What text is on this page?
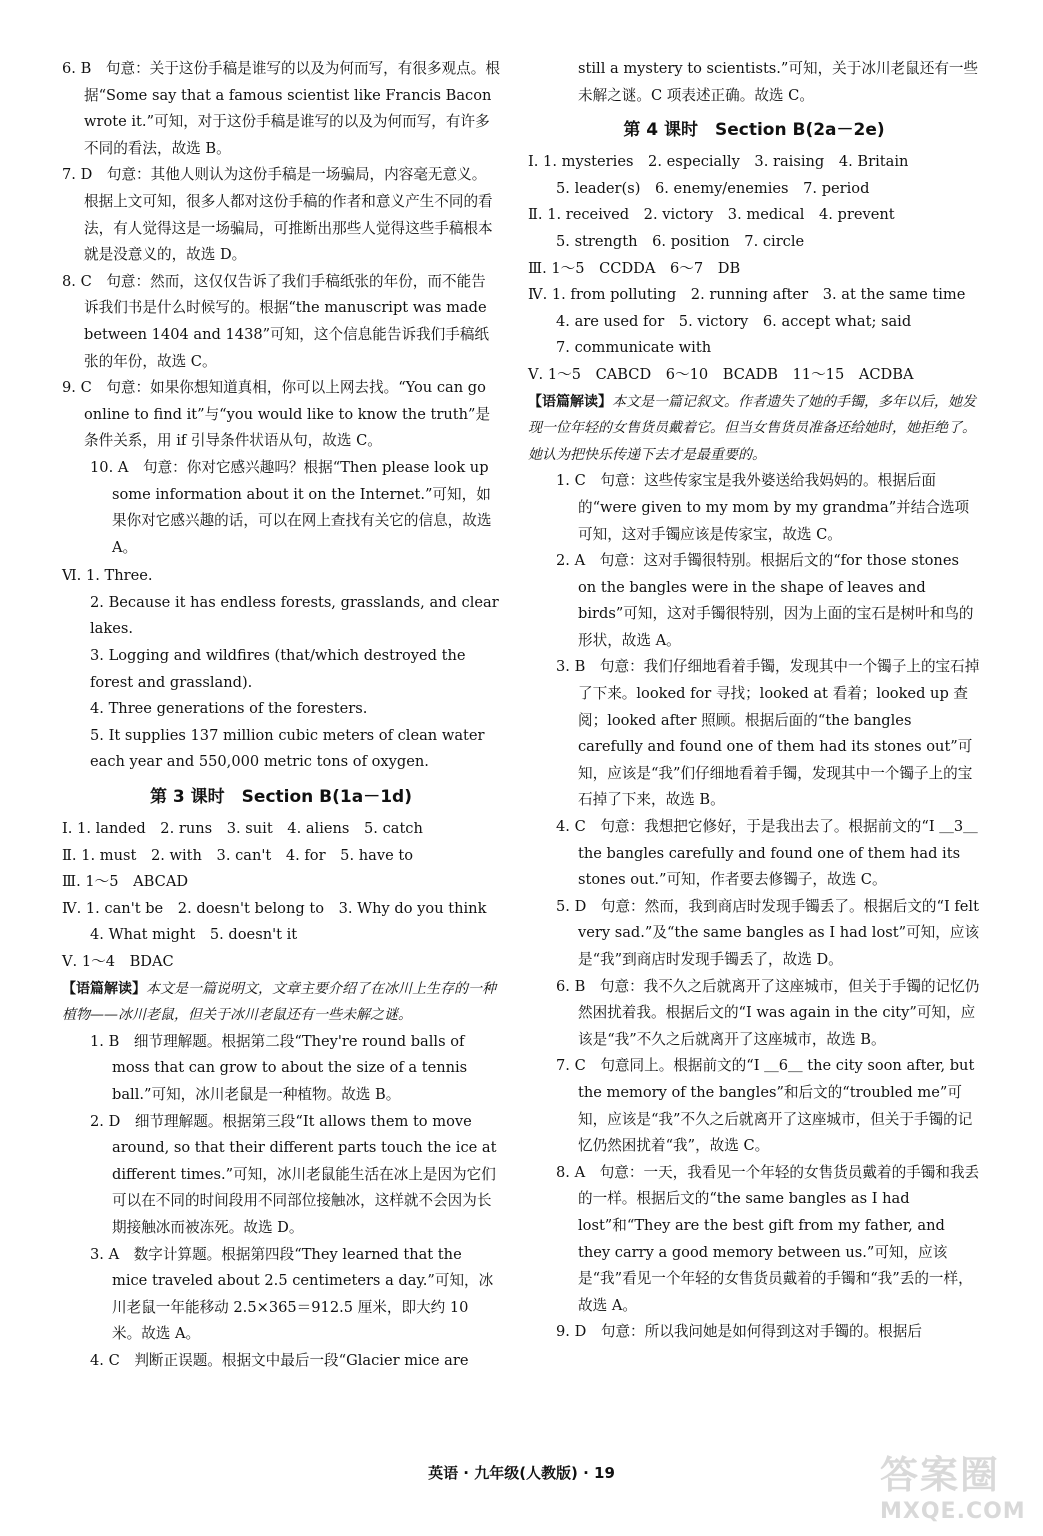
6. B　句意：关于这份手稿是谁写的以及为何而写，有很多观点。根据“Some say that a famous scientist like Francis Bacon wrote it.”可知，对于这份手稿是谁写的以及为何而写，有许多不同的看法，故选 B。

7. D　句意：其他人则认为这份手稿是一场骗局，内容毫无意义。根据上文可知，很多人都对这份手稿的作者和意义产生不同的看法，有人觉得这是一场骗局，可推断出那些人觉得这些手稿根本就是没意义的，故选 D。

8. C　句意：然而，这仅仅告诉了我们手稿纸张的年份，而不能告诉我们书是什么时候写的。根据“the manuscript was made between 1404 and 1438”可知，这个信息能告诉我们手稿纸张的年份，故选 C。

9. C　句意：如果你想知道真相，你可以上网去找。“You can go online to find it”与“you would like to know the truth”是条件关系，用 if 引导条件状语从句，故选 C。

10. A　句意：你对它感兴趣吗？根据“Then please look up some information about it on the Internet.”可知，如果你对它感兴趣的话，可以在网上查找有关它的信息，故选 A。

Ⅵ. 1. Three.
2. Because it has endless forests, grasslands, and clear lakes.
3. Logging and wildfires (that/which destroyed the forest and grassland).
4. Three generations of the foresters.
5. It supplies 137 million cubic meters of clean water each year and 550,000 metric tons of oxygen.
第 3 课时　Section B(1a－1d)
Ⅰ. 1. landed　2. runs　3. suit　4. aliens　5. catch
Ⅱ. 1. must　2. with　3. can't　4. for　5. have to
Ⅲ. 1～5　ABCAD
Ⅳ. 1. can't be　2. doesn't belong to　3. Why do you think
4. What might　5. doesn't it
Ⅴ. 1～4　BDAC

【语篇解读】本文是一篇说明文，文章主要介绍了在冰川上生存的一种植物——冰川老鼠，但关于冰川老鼠还有一些未解之谜。

1. B　细节理解题。根据第二段“They're round balls of moss that can grow to about the size of a tennis ball.”可知，冰川老鼠是一种植物。故选 B。

2. D　细节理解题。根据第三段“It allows them to move around, so that their different parts touch the ice at different times.”可知，冰川老鼠能生活在冰上是因为它们可以在不同的时间段用不同部位接触冰，这样就不会因为长期接触冰而被冻死。故选 D。

3. A　数字计算题。根据第四段“They learned that the mice traveled about 2.5 centimeters a day.”可知，冰川老鼠一年能移动 2.5×365＝912.5 厘米，即大约 10 米。故选 A。

4. C　判断正误题。根据文中最后一段“Glacier mice are

still a mystery to scientists.”可知，关于冰川老鼠还有一些未解之谜。C 项表述正确。故选 C。

第 4 课时　Section B(2a－2e)
Ⅰ. 1. mysteries　2. especially　3. raising　4. Britain
5. leader(s)　6. enemy/enemies　7. period
Ⅱ. 1. received　2. victory　3. medical　4. prevent
5. strength　6. position　7. circle
Ⅲ. 1～5　CCDDA　6～7　DB
Ⅳ. 1. from polluting　2. running after　3. at the same time
4. are used for　5. victory　6. accept what; said
7. communicate with
Ⅴ. 1～5　CABCD　6～10　BCADB　11～15　ACDBA

【语篇解读】本文是一篇记叙文。作者遗失了她的手镯，多年以后，她发现一位年轻的女售货员戴着它。但当女售货员准备还给她时，她拒绝了。她认为把快乐传递下去才是最重要的。

1. C　句意：这些传家宝是我外婆送给我妈妈的。根据后面的“were given to my mom by my grandma”并结合选项可知，这对手镯应该是传家宝，故选 C。

2. A　句意：这对手镯很特别。根据后文的“for those stones on the bangles were in the shape of leaves and birds”可知，这对手镯很特别，因为上面的宝石是树叶和鸟的形状，故选 A。

3. B　句意：我们仔细地看着手镯，发现其中一个镯子上的宝石掉了下来。looked for 寻找；looked at 看着；looked up 查阅；looked after 照顾。根据后面的“the bangles carefully and found one of them had its stones out”可知，应该是“我”们仔细地看着手镯，发现其中一个镯子上的宝石掉了下来，故选 B。

4. C　句意：我想把它修好，于是我出去了。根据前文的“I ＿3＿ the bangles carefully and found one of them had its stones out.”可知，作者要去修镯子，故选 C。

5. D　句意：然而，我到商店时发现手镯丢了。根据后文的“I felt very sad.”及“the same bangles as I had lost”可知，应该是“我”到商店时发现手镯丢了，故选 D。

6. B　句意：我不久之后就离开了这座城市，但关于手镯的记忆仍然困扰着我。根据后文的“I was again in the city”可知，应该是“我”不久之后就离开了这座城市，故选 B。

7. C　句意同上。根据前文的“I ＿6＿ the city soon after, but the memory of the bangles”和后文的“troubled me”可知，应该是“我”不久之后就离开了这座城市，但关于手镯的记忆仍然困扰着“我”，故选 C。

8. A　句意：一天，我看见一个年轻的女售货员戴着的手镯和我丢的一样。根据后文的“the same bangles as I had lost”和“They are the best gift from my father, and they carry a good memory between us.”可知，应该是“我”看见一个年轻的女售货员戴着的手镯和“我”丢的一样，故选 A。

9. D　句意：所以我问她是如何得到这对手镯的。根据后

英语 · 九年级(人教版) · 19	答案圈
MXQE.COM
